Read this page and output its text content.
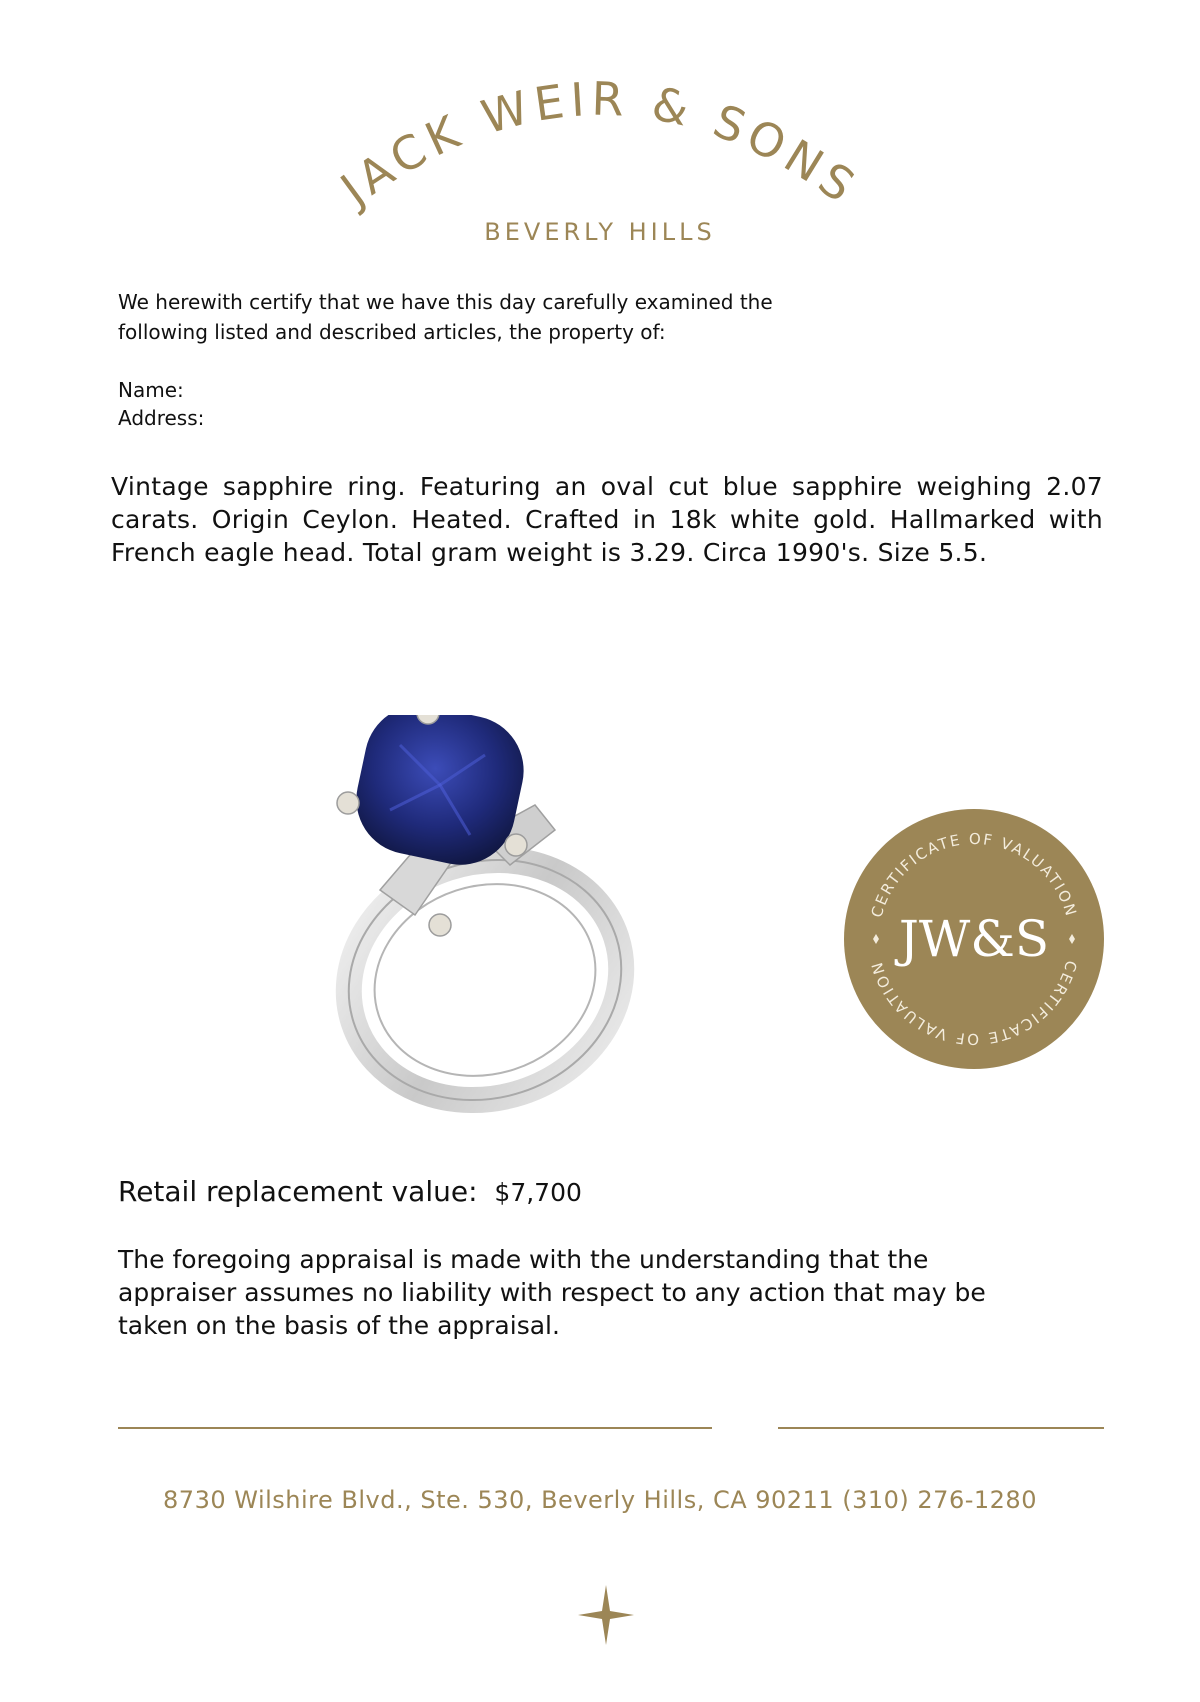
JACK WEIR & SONS
BEVERLY HILLS
We herewith certify that we have this day carefully examined the
following listed and described articles, the property of:
Name:
Address:
Vintage sapphire ring. Featuring an oval cut blue sapphire weighing 2.07 carats. Origin Ceylon. Heated. Crafted in 18k white gold. Hallmarked with French eagle head. Total gram weight is 3.29. Circa 1990's. Size 5.5.
CERTIFICATE OF VALUATION
CERTIFICATE OF VALUATION JW&S
Retail replacement value: $7,700
The foregoing appraisal is made with the understanding that the
appraiser assumes no liability with respect to any action that may be
taken on the basis of the appraisal.
8730 Wilshire Blvd., Ste. 530, Beverly Hills, CA 90211 (310) 276-1280
